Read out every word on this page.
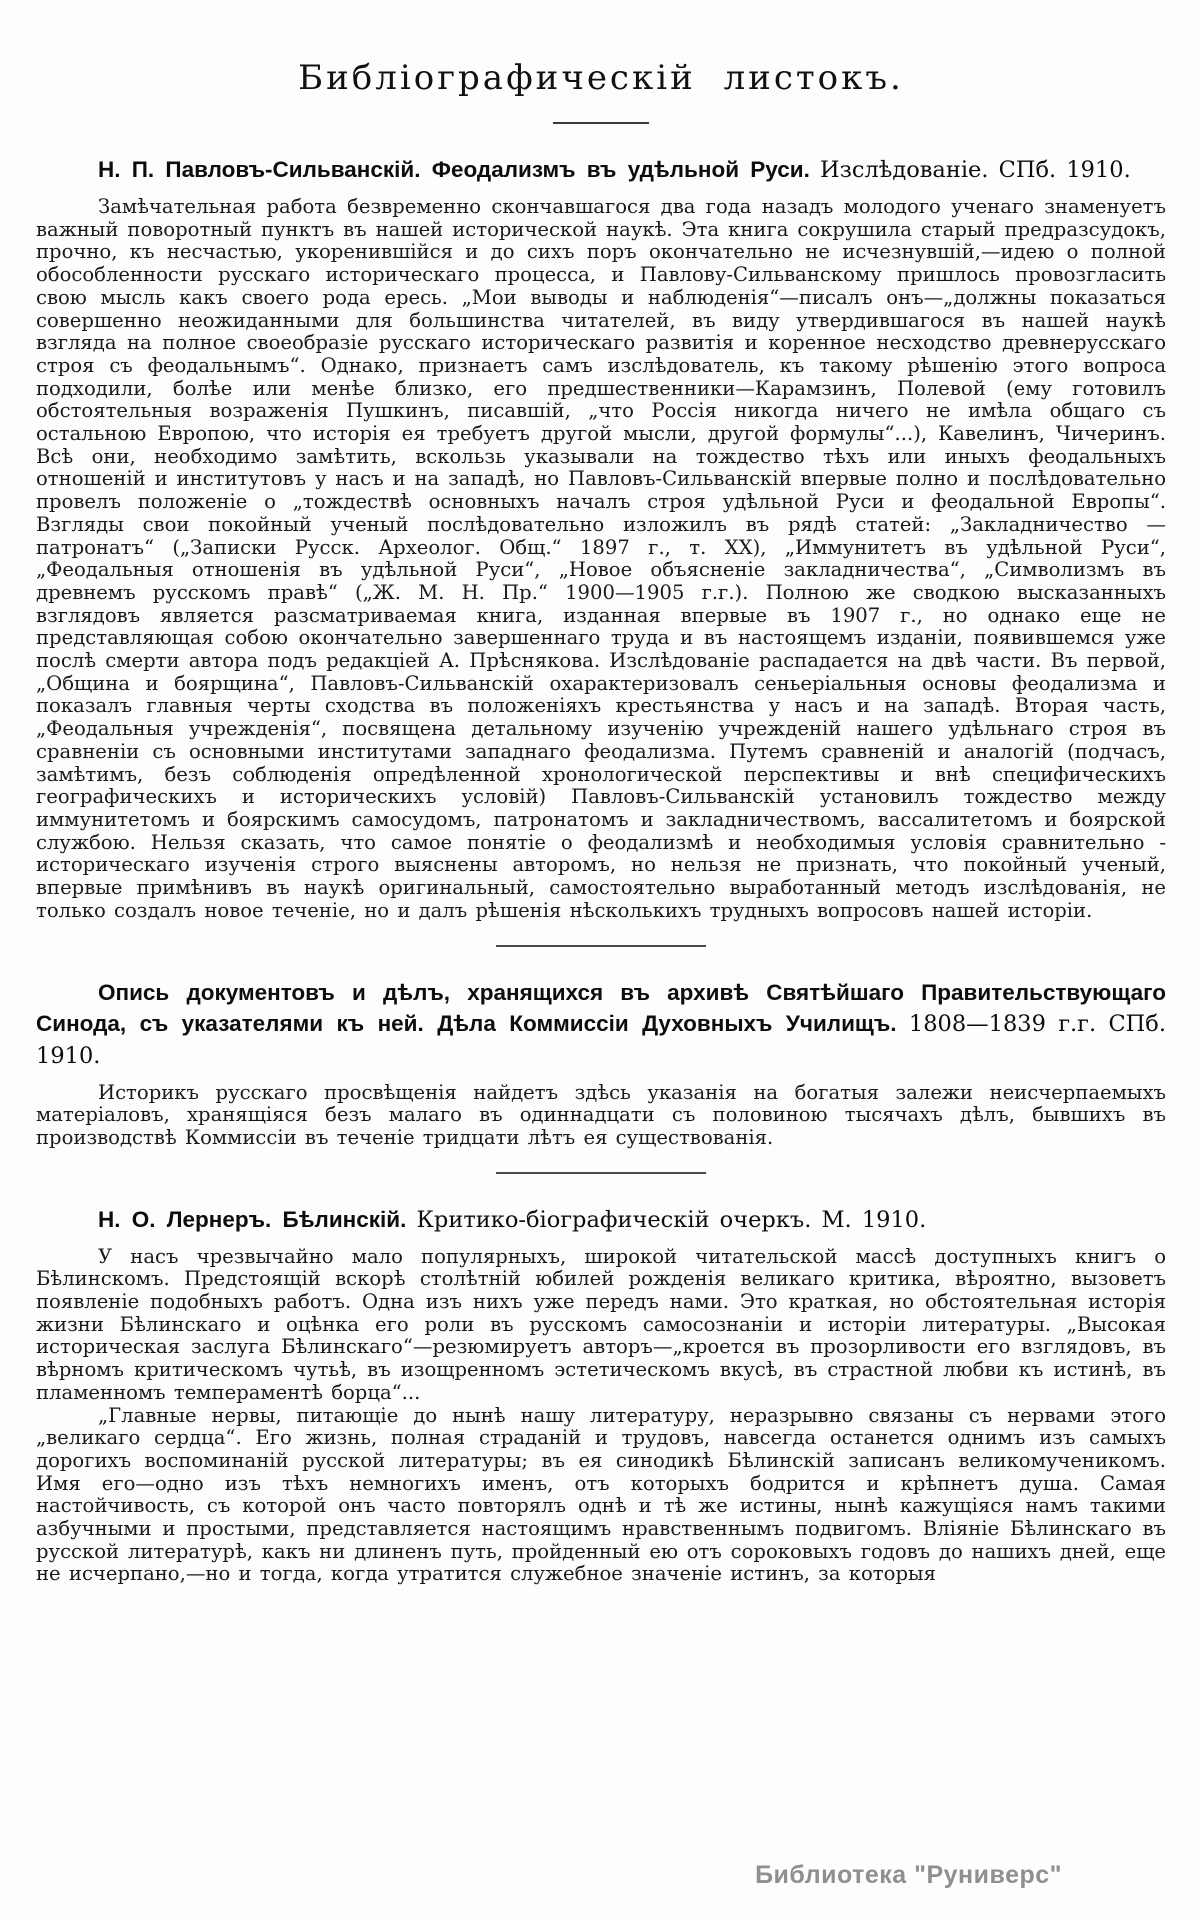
Библіографическій листокъ.

Н. П. Павловъ-Сильванскій. Феодализмъ въ удѣльной Руси. Изслѣдованіе. СПб. 1910.

Замѣчательная работа безвременно скончавшагося два года назадъ молодого ученаго знаменуетъ важный поворотный пунктъ въ нашей исторической наукѣ. Эта книга сокрушила старый предразсудокъ, прочно, къ несчастью, укоренившійся и до сихъ поръ окончательно не исчезнувшій,—идею о полной обособленности русскаго историческаго процесса, и Павлову-Сильванскому пришлось провозгласить свою мысль какъ своего рода ересь. „Мои выводы и наблюденія“—писалъ онъ—„должны показаться совершенно неожиданными для большинства читателей, въ виду утвердившагося въ нашей наукѣ взгляда на полное своеобразіе русскаго историческаго развитія и коренное несходство древнерусскаго строя съ феодальнымъ“. Однако, признаетъ самъ изслѣдователь, къ такому рѣшенію этого вопроса подходили, болѣе или менѣе близко, его предшественники—Карамзинъ, Полевой (ему готовилъ обстоятельныя возраженія Пушкинъ, писавшій, „что Россія никогда ничего не имѣла общаго съ остальною Европою, что исторія ея требуетъ другой мысли, другой формулы“...), Кавелинъ, Чичеринъ. Всѣ они, необходимо замѣтить, вскользь указывали на тождество тѣхъ или иныхъ феодальныхъ отношеній и институтовъ у насъ и на западѣ, но Павловъ-Сильванскій впервые полно и послѣдовательно провелъ положеніе о „тождествѣ основныхъ началъ строя удѣльной Руси и феодальной Европы“. Взгляды свои покойный ученый послѣдовательно изложилъ въ рядѣ статей: „Закладничество — патронатъ“ („Записки Русск. Археолог. Общ.“ 1897 г., т. XX), „Иммунитетъ въ удѣльной Руси“, „Феодальныя отношенія въ удѣльной Руси“, „Новое объясненіе закладничества“, „Символизмъ въ древнемъ русскомъ правѣ“ („Ж. М. Н. Пр.“ 1900—1905 г.г.). Полною же сводкою высказанныхъ взглядовъ является разсматриваемая книга, изданная впервые въ 1907 г., но однако еще не представляющая собою окончательно завершеннаго труда и въ настоящемъ изданіи, появившемся уже послѣ смерти автора подъ редакціей А. Прѣснякова. Изслѣдованіе распадается на двѣ части. Въ первой, „Община и боярщина“, Павловъ-Сильванскій охарактеризовалъ сеньеріальныя основы феодализма и показалъ главныя черты сходства въ положеніяхъ крестьянства у насъ и на западѣ. Вторая часть, „Феодальныя учрежденія“, посвящена детальному изученію учрежденій нашего удѣльнаго строя въ сравненіи съ основными институтами западнаго феодализма. Путемъ сравненій и аналогій (подчасъ, замѣтимъ, безъ соблюденія опредѣленной хронологической перспективы и внѣ специфическихъ географическихъ и историческихъ условій) Павловъ-Сильванскій установилъ тождество между иммунитетомъ и боярскимъ самосудомъ, патронатомъ и закладничествомъ, вассалитетомъ и боярской службою. Нельзя сказать, что самое понятіе о феодализмѣ и необходимыя условія сравнительно - историческаго изученія строго выяснены авторомъ, но нельзя не признать, что покойный ученый, впервые примѣнивъ въ наукѣ оригинальный, самостоятельно выработанный методъ изслѣдованія, не только создалъ новое теченіе, но и далъ рѣшенія нѣсколькихъ трудныхъ вопросовъ нашей исторіи.

Опись документовъ и дѣлъ, хранящихся въ архивѣ Святѣйшаго Правительствующаго Синода, съ указателями къ ней. Дѣла Коммиссіи Духовныхъ Училищъ. 1808—1839 г.г. СПб. 1910.

Историкъ русскаго просвѣщенія найдетъ здѣсь указанія на богатыя залежи неисчерпаемыхъ матеріаловъ, хранящіяся безъ малаго въ одиннадцати съ половиною тысячахъ дѣлъ, бывшихъ въ производствѣ Коммиссіи въ теченіе тридцати лѣтъ ея существованія.

Н. О. Лернеръ. Бѣлинскій. Критико-біографическій очеркъ. М. 1910.

У насъ чрезвычайно мало популярныхъ, широкой читательской массѣ доступныхъ книгъ о Бѣлинскомъ. Предстоящій вскорѣ столѣтній юбилей рожденія великаго критика, вѣроятно, вызоветъ появленіе подобныхъ работъ. Одна изъ нихъ уже передъ нами. Это краткая, но обстоятельная исторія жизни Бѣлинскаго и оцѣнка его роли въ русскомъ самосознаніи и исторіи литературы. „Высокая историческая заслуга Бѣлинскаго“—резюмируетъ авторъ—„кроется въ прозорливости его взглядовъ, въ вѣрномъ критическомъ чутьѣ, въ изощренномъ эстетическомъ вкусѣ, въ страстной любви къ истинѣ, въ пламенномъ темпераментѣ борца“...

„Главные нервы, питающіе до нынѣ нашу литературу, неразрывно связаны съ нервами этого „великаго сердца“. Его жизнь, полная страданій и трудовъ, навсегда останется однимъ изъ самыхъ дорогихъ воспоминаній русской литературы; въ ея синодикѣ Бѣлинскій записанъ великомученикомъ. Имя его—одно изъ тѣхъ немногихъ именъ, отъ которыхъ бодрится и крѣпнетъ душа. Самая настойчивость, съ которой онъ часто повторялъ однѣ и тѣ же истины, нынѣ кажущіяся намъ такими азбучными и простыми, представляется настоящимъ нравственнымъ подвигомъ. Вліяніе Бѣлинскаго въ русской литературѣ, какъ ни длиненъ путь, пройденный ею отъ сороковыхъ годовъ до нашихъ дней, еще не исчерпано,—но и тогда, когда утратится служебное значеніе истинъ, за которыя

Библиотека "Руниверс"
